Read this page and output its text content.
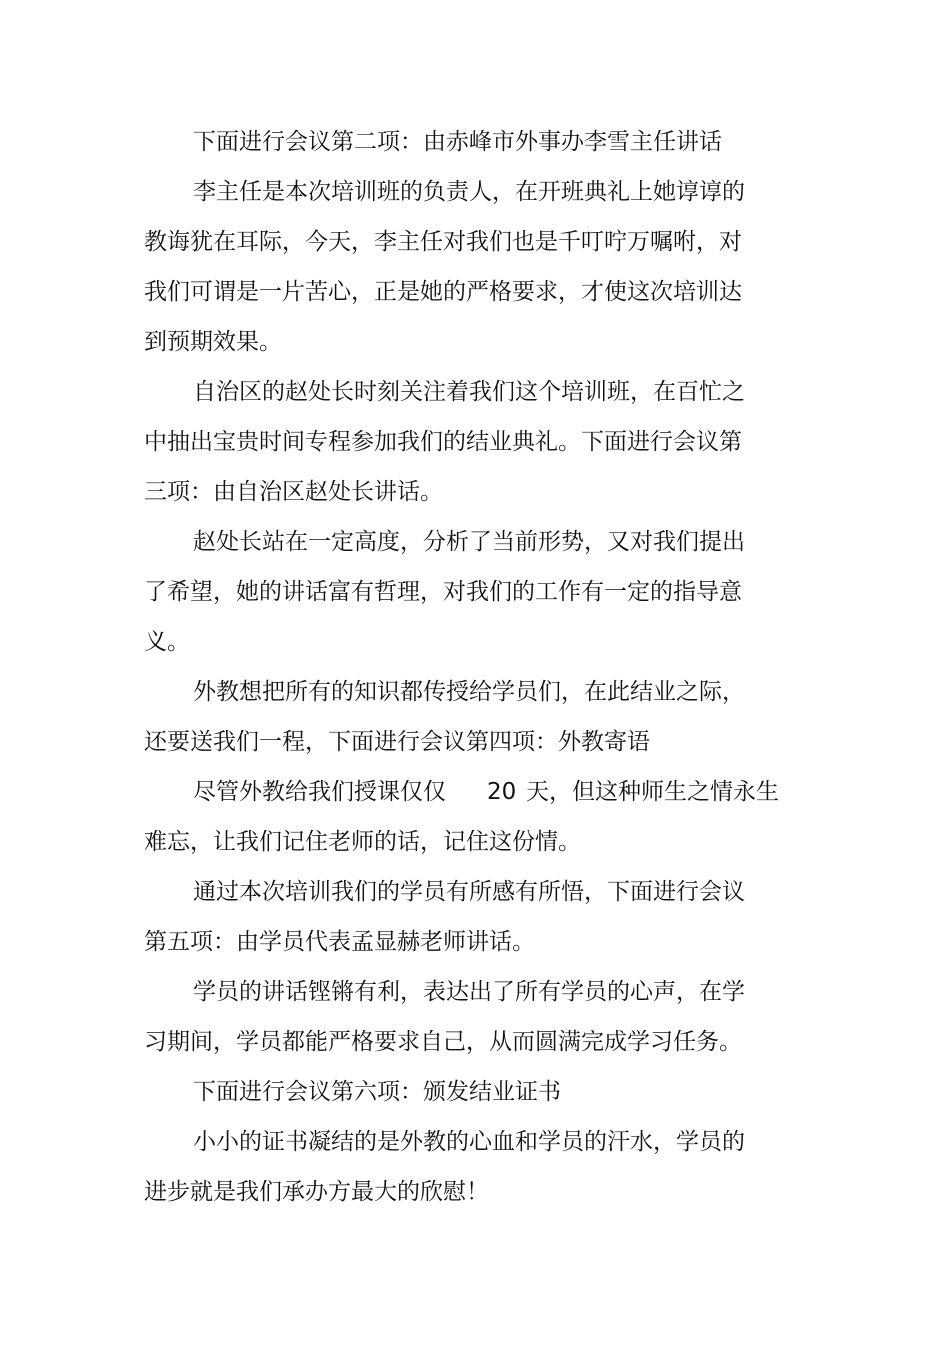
下面进行会议第二项：由赤峰市外事办李雪主任讲话
李主任是本次培训班的负责人，在开班典礼上她谆谆的
教诲犹在耳际，今天，李主任对我们也是千叮咛万嘱咐，对
我们可谓是一片苦心，正是她的严格要求，才使这次培训达
到预期效果。
自治区的赵处长时刻关注着我们这个培训班，在百忙之
中抽出宝贵时间专程参加我们的结业典礼。下面进行会议第
三项：由自治区赵处长讲话。
赵处长站在一定高度，分析了当前形势，又对我们提出
了希望，她的讲话富有哲理，对我们的工作有一定的指导意
义。
外教想把所有的知识都传授给学员们，在此结业之际，
还要送我们一程，下面进行会议第四项：外教寄语
尽管外教给我们授课仅仅 20 天，但这种师生之情永生
难忘，让我们记住老师的话，记住这份情。
通过本次培训我们的学员有所感有所悟，下面进行会议
第五项：由学员代表孟显赫老师讲话。
学员的讲话铿锵有利，表达出了所有学员的心声，在学
习期间，学员都能严格要求自己，从而圆满完成学习任务。
下面进行会议第六项：颁发结业证书
小小的证书凝结的是外教的心血和学员的汗水，学员的
进步就是我们承办方最大的欣慰！
